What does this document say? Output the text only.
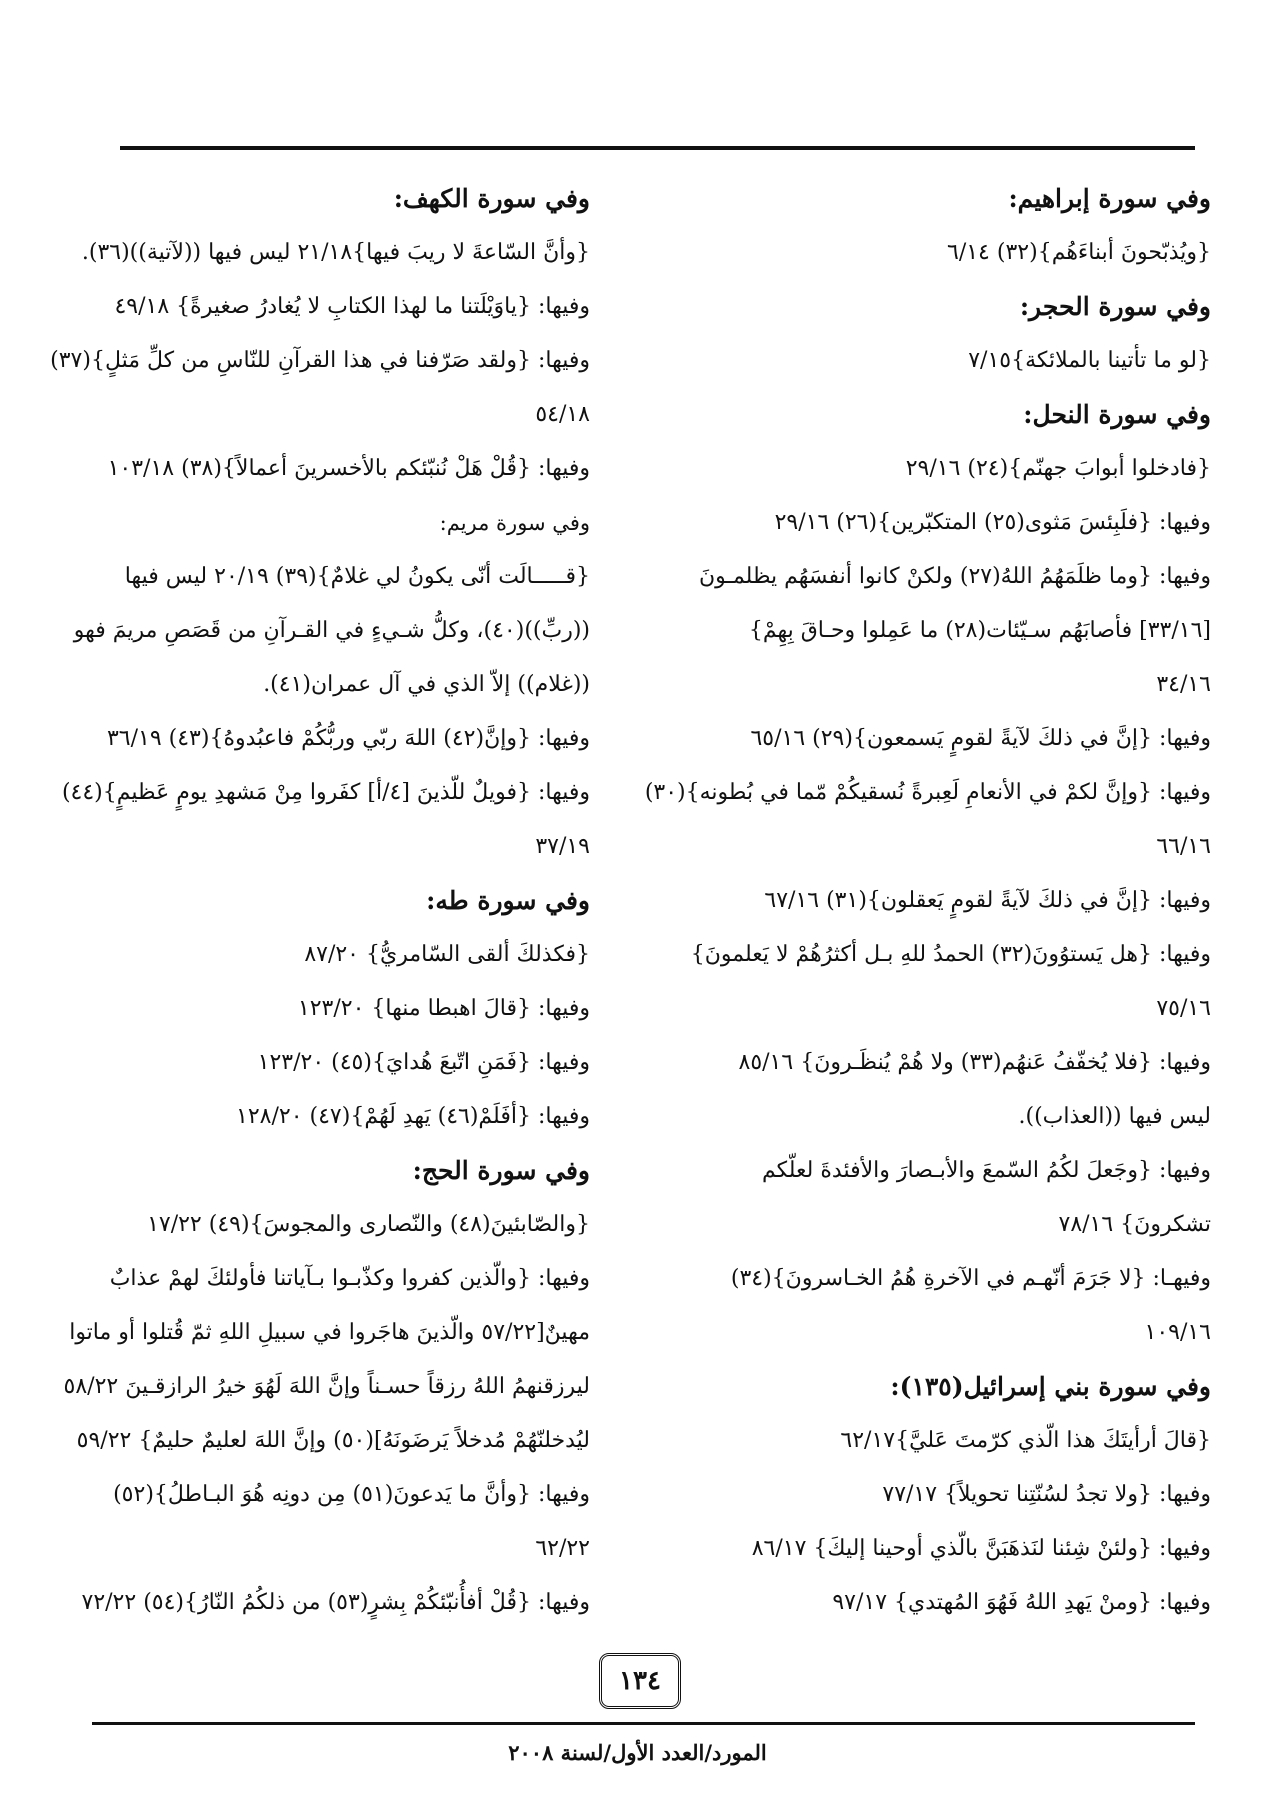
وفي سورة إبراهيم:
{ويُذبّحونَ أبناءَهُم}(٣٢) ٦/١٤
وفي سورة الحجر:
{لو ما تأتينا بالملائكة}٧/١٥
وفي سورة النحل:
{فادخلوا أبوابَ جهنّم}(٢٤) ٢٩/١٦
وفيها: {فلَبِئسَ مَثوى(٢٥) المتكبّرين}(٢٦) ٢٩/١٦
وفيها: {وما ظلَمَهُمُ اللهُ(٢٧) ولكنْ كانوا أنفسَهُم يظلمـونَ
[٣٣/١٦] فأصابَهُم سـيّئات(٢٨) ما عَمِلوا وحـاقَ بِهِمْ}
٣٤/١٦
وفيها: {إنَّ في ذلكَ لآيةً لقومٍ يَسمعون}(٢٩) ٦٥/١٦
وفيها: {وإنَّ لكمْ في الأنعامِ لَعِبرةً نُسقيكُمْ مّما في بُطونه}(٣٠)
٦٦/١٦
وفيها: {إنَّ في ذلكَ لآيةً لقومٍ يَعقلون}(٣١) ٦٧/١٦
وفيها: {هل يَستوُونَ(٣٢) الحمدُ للهِ بـل أكثرُهُمْ لا يَعلمونَ}
٧٥/١٦
وفيها: {فلا يُخفّفُ عَنهُم(٣٣) ولا هُمْ يُنظَـرونَ} ٨٥/١٦
ليس فيها ((العذاب)).
وفيها: {وجَعلَ لكُمُ السّمعَ والأبـصارَ والأفئدةَ لعلّكم
تشكرونَ} ٧٨/١٦
وفيهـا: {لا جَرَمَ أنّهـم في الآخرةِ هُمُ الخـاسرونَ}(٣٤)
١٠٩/١٦
وفي سورة بني إسرائيل(١٣٥):
{قالَ أرأيتَكَ هذا الّذي كرّمتَ عَليَّ}٦٢/١٧
وفيها: {ولا تجدُ لسُنّتِنا تحويلاً} ٧٧/١٧
وفيها: {ولئنْ شِئنا لنَذهَبَنَّ بالّذي أوحينا إليكَ} ٨٦/١٧
وفيها: {ومنْ يَهدِ اللهُ فَهُوَ المُهتدي} ٩٧/١٧
وفي سورة الكهف:
{وأنَّ السّاعةَ لا ريبَ فيها}٢١/١٨ ليس فيها ((لآتية))(٣٦).
وفيها: {ياوَيْلَتنا ما لهذا الكتابِ لا يُغادرُ صغيرةً} ٤٩/١٨
وفيها: {ولقد صَرّفنا في هذا القرآنِ للنّاسِ من كلِّ مَثلٍ}(٣٧)
٥٤/١٨
وفيها: {قُلْ هَلْ نُنبّئكم بالأخسرينَ أعمالاً}(٣٨) ١٠٣/١٨
وفي سورة مريم:
{قـــــالَت أنّى يكونُ لي غلامٌ}(٣٩) ٢٠/١٩ ليس فيها
((ربِّ))(٤٠)، وكلُّ شـيءٍ في القـرآنِ من قَصَصِ مريمَ فهو
((غلام)) إلاّ الذي في آل عمران(٤١).
وفيها: {وإنَّ(٤٢) اللهَ ربّي وربُّكُمْ فاعبُدوهُ}(٤٣) ٣٦/١٩
وفيها: {فويلٌ للّذينَ [٤/أ] كفَروا مِنْ مَشهدِ يومٍ عَظيمٍ}(٤٤)
٣٧/١٩
وفي سورة طه:
{فكذلكَ ألقى السّامريُّ} ٨٧/٢٠
وفيها: {قالَ اهبطا منها} ١٢٣/٢٠
وفيها: {فَمَنِ اتّبعَ هُدايَ}(٤٥) ١٢٣/٢٠
وفيها: {أفَلَمْ(٤٦) يَهدِ لَهُمْ}(٤٧) ١٢٨/٢٠
وفي سورة الحج:
{والصّابئينَ(٤٨) والنّصارى والمجوسَ}(٤٩) ١٧/٢٢
وفيها: {والّذين كفروا وكذّبـوا بـآياتنا فأولئكَ لهمْ عذابٌ
مهينٌ[٥٧/٢٢ والّذينَ هاجَروا في سبيلِ اللهِ ثمّ قُتلوا أو ماتوا
ليرزقنهمُ اللهُ رزقاً حسـناً وإنَّ اللهَ لَهُوَ خيرُ الرازقـينَ ٥٨/٢٢
ليُدخلنّهُمْ مُدخلاً يَرضَونَهُ](٥٠) وإنَّ اللهَ لعليمٌ حليمٌ} ٥٩/٢٢
وفيها: {وأنَّ ما يَدعونَ(٥١) مِن دونِه هُوَ البـاطلُ}(٥٢)
٦٢/٢٢
وفيها: {قُلْ أفأُنبّئكُمْ بِشرٍ(٥٣) من ذلكُمُ النّارُ}(٥٤) ٧٢/٢٢
١٣٤
المورد/العدد الأول/لسنة ٢٠٠٨
